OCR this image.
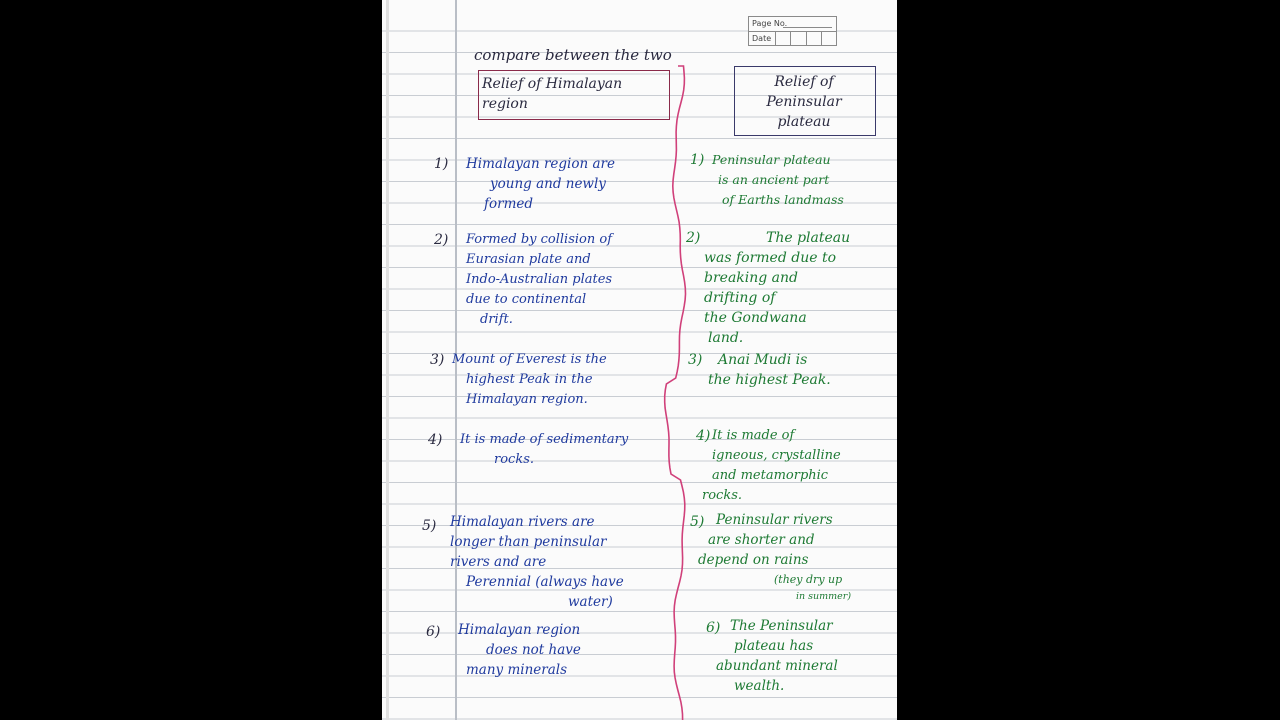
Page No.
Date
compare between the two
Relief of Himalayan region
Relief of Peninsular plateau
1) Himalayan region are
young and newly
formed
1) Peninsular plateau
is an ancient part
of Earths landmass
2) Formed by collision of
Eurasian plate and
Indo-Australian plates
due to continental
drift.
2)	The plateau
was formed due to
breaking and
drifting of
the Gondwana
land.
3) Mount of Everest is the
highest Peak in the
Himalayan region.
3)	Anai Mudi is
the highest Peak.
4) It is made of sedimentary
rocks.
4) It is made of
igneous, crystalline
and metamorphic
rocks.
5) Himalayan rivers are
longer than peninsular
rivers and are
Perennial (always have
water)
5) Peninsular rivers
are shorter and
depend on rains
(they dry up
in summer)
6) Himalayan region
does not have
many minerals
6) The Peninsular
plateau has
abundant mineral
wealth.
